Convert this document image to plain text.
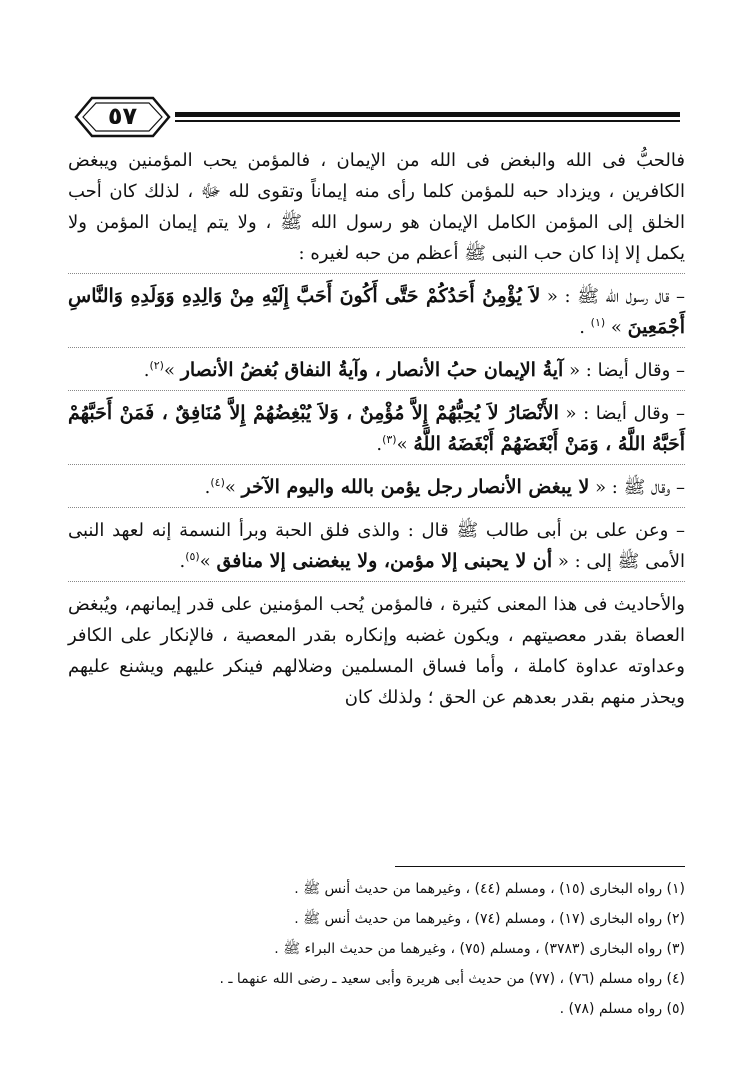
٥٧

فالحبُّ فى الله والبغض فى الله من الإيمان ، فالمؤمن يحب المؤمنين ويبغض الكافرين ، ويزداد حبه للمؤمن كلما رأى منه إيماناً وتقوى لله ﷻ ، لذلك كان أحب الخلق إلى المؤمن الكامل الإيمان هو رسول الله ﷺ ، ولا يتم إيمان المؤمن ولا يكمل إلا إذا كان حب النبى ﷺ أعظم من حبه لغيره :

– قال رسول الله ﷺ : « لاَ يُؤْمِنُ أَحَدُكُمْ حَتَّى أَكُونَ أَحَبَّ إِلَيْهِ مِنْ وَالِدِهِ وَوَلَدِهِ وَالنَّاسِ أَجْمَعِينَ » $^{(١)}$ .

– وقال أيضا : « آيةُ الإيمان حبُ الأنصار ، وآيةُ النفاق بُغضُ الأنصار »$^{(٢)}$.

– وقال أيضا : « الأَنْصَارُ لاَ يُحِبُّهُمْ إِلاَّ مُؤْمِنٌ ، وَلاَ يُبْغِضُهُمْ إِلاَّ مُنَافِقٌ ، فَمَنْ أَحَبَّهُمْ أَحَبَّهُ اللَّهُ ، وَمَنْ أَبْغَضَهُمْ أَبْغَضَهُ اللَّهُ »$^{(٣)}$.

– وقال ﷺ : « لا يبغض الأنصار رجل يؤمن بالله واليوم الآخر »$^{(٤)}$.

– وعن على بن أبى طالب ﷺ قال : والذى فلق الحبة وبرأ النسمة إنه لعهد النبى الأمى ﷺ إلى : « أن لا يحبنى إلا مؤمن، ولا يبغضنى إلا منافق »$^{(٥)}$.

والأحاديث فى هذا المعنى كثيرة ، فالمؤمن يُحب المؤمنين على قدر إيمانهم، ويُبغض العصاة بقدر معصيتهم ، ويكون غضبه وإنكاره بقدر المعصية ، فالإنكار على الكافر وعداوته عداوة كاملة ، وأما فساق المسلمين وضلالهم فينكر عليهم ويشنع عليهم ويحذر منهم بقدر بعدهم عن الحق ؛ ولذلك كان

(١) رواه البخارى (١٥) ، ومسلم (٤٤) ، وغيرهما من حديث أنس ﷺ .
(٢) رواه البخارى (١٧) ، ومسلم (٧٤) ، وغيرهما من حديث أنس ﷺ .
(٣) رواه البخارى (٣٧٨٣) ، ومسلم (٧٥) ، وغيرهما من حديث البراء ﷺ .
(٤) رواه مسلم (٧٦) ، (٧٧) من حديث أبى هريرة وأبى سعيد ـ رضى الله عنهما ـ .
(٥) رواه مسلم (٧٨) .
